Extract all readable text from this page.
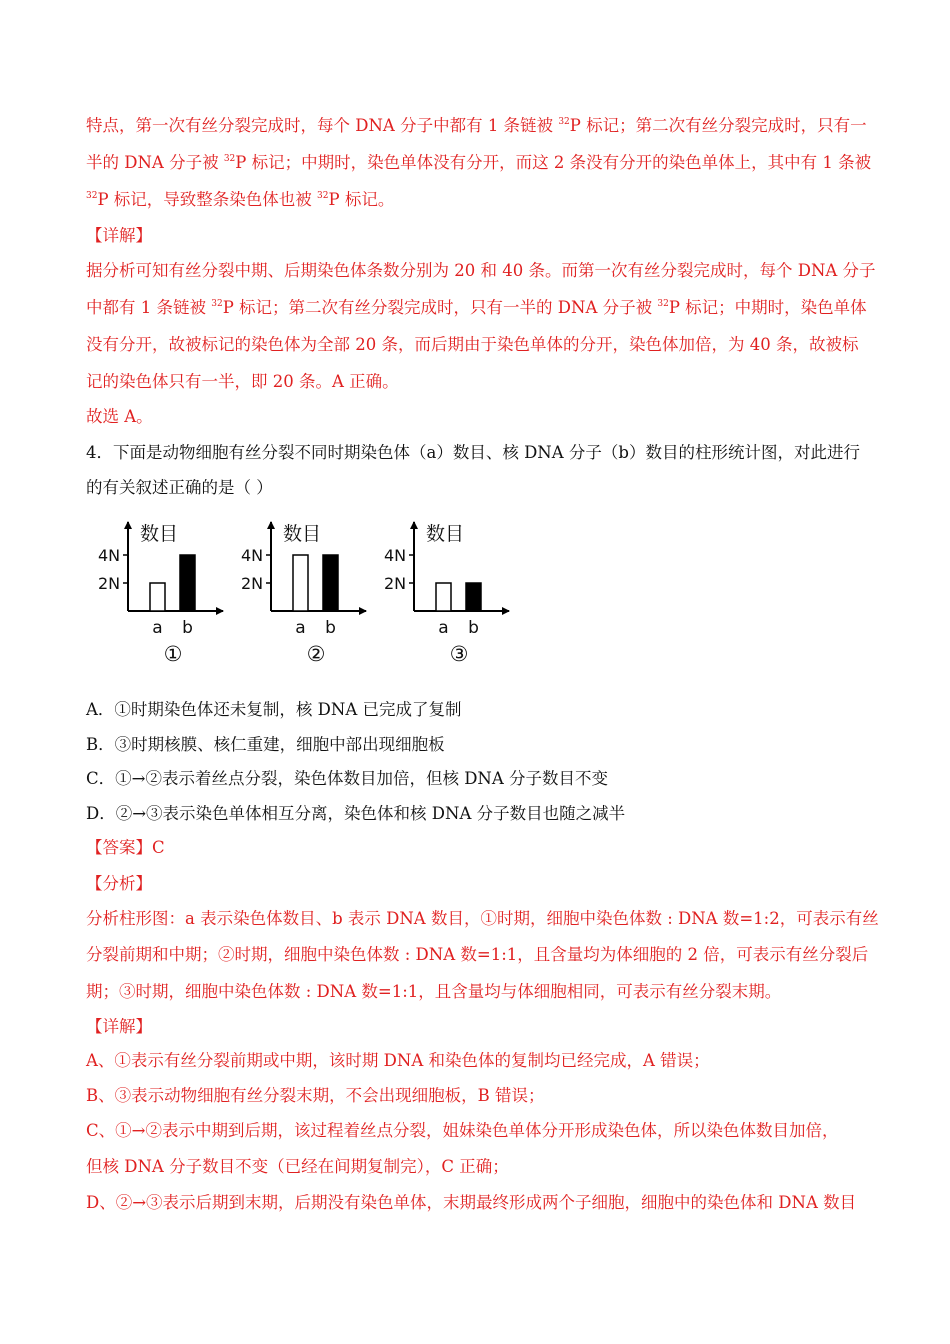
特点，第一次有丝分裂完成时，每个 DNA 分子中都有 1 条链被 $^{32}$P 标记；第二次有丝分裂完成时，只有一
半的 DNA 分子被 $^{32}$P 标记；中期时，染色单体没有分开，而这 2 条没有分开的染色单体上，其中有 1 条被
$^{32}$P 标记，导致整条染色体也被 $^{32}$P 标记。
【详解】
据分析可知有丝分裂中期、后期染色体条数分别为 20 和 40 条。而第一次有丝分裂完成时，每个 DNA 分子
中都有 1 条链被 $^{32}$P 标记；第二次有丝分裂完成时，只有一半的 DNA 分子被 $^{32}$P 标记；中期时，染色单体
没有分开，故被标记的染色体为全部 20 条，而后期由于染色单体的分开，染色体加倍，为 40 条，故被标
记的染色体只有一半，即 20 条。A 正确。
故选 A。
4．下面是动物细胞有丝分裂不同时期染色体（a）数目、核 DNA 分子（b）数目的柱形统计图，对此进行
的有关叙述正确的是（ ）
数目
2N
4N
a b
①
数目
2N
4N
a b
②
数目
2N
4N
a b
③
A．①时期染色体还未复制，核 DNA 已完成了复制
B．③时期核膜、核仁重建，细胞中部出现细胞板
C．①→②表示着丝点分裂，染色体数目加倍，但核 DNA 分子数目不变
D．②→③表示染色单体相互分离，染色体和核 DNA 分子数目也随之减半
【答案】C
【分析】
分析柱形图：a 表示染色体数目、b 表示 DNA 数目，①时期，细胞中染色体数 : DNA 数=1:2，可表示有丝
分裂前期和中期；②时期，细胞中染色体数 : DNA 数=1:1，且含量均为体细胞的 2 倍，可表示有丝分裂后
期；③时期，细胞中染色体数 : DNA 数=1:1，且含量均与体细胞相同，可表示有丝分裂末期。
【详解】
A、①表示有丝分裂前期或中期，该时期 DNA 和染色体的复制均已经完成，A 错误；
B、③表示动物细胞有丝分裂末期，不会出现细胞板，B 错误；
C、①→②表示中期到后期，该过程着丝点分裂，姐妹染色单体分开形成染色体，所以染色体数目加倍，
但核 DNA 分子数目不变（已经在间期复制完），C 正确；
D、②→③表示后期到末期，后期没有染色单体，末期最终形成两个子细胞，细胞中的染色体和 DNA 数目
